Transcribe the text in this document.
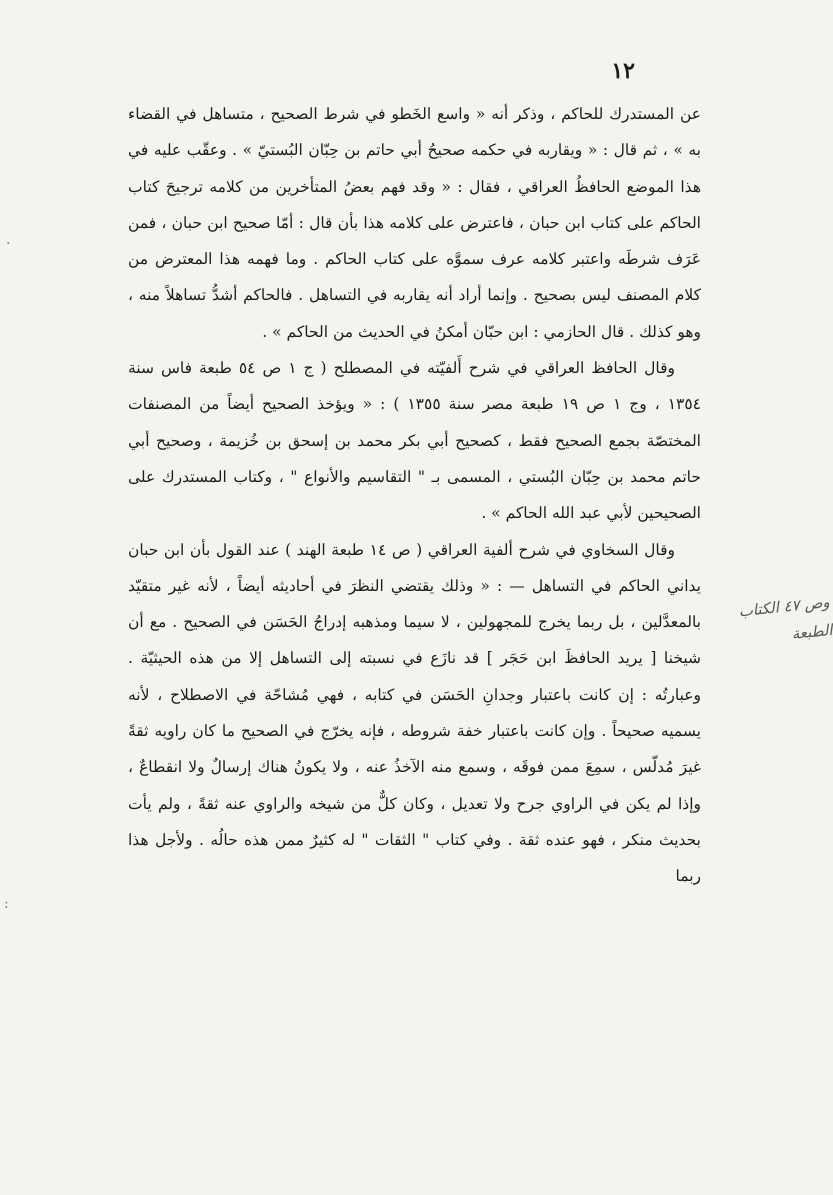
١٢

عن المستدرك للحاكم ، وذكر أنه « واسع الخَطو في شرط الصحيح ، متساهل في القضاء به » ، ثم قال : « ويقاربه في حكمه صحيحُ أبي حاتم بن حِبّان البُستيّ » . وعقّب عليه في هذا الموضع الحافظُ العراقي ، فقال : « وقد فهم بعضُ المتأخرين من كلامه ترجيحَ كتاب الحاكم على كتاب ابن حبان ، فاعترض على كلامه هذا بأن قال : أمّا صحيح ابن حبان ، فمن عَرَف شرطَه واعتبر كلامه عرف سموَّه على كتاب الحاكم . وما فهمه هذا المعترض من كلام المصنف ليس بصحيح . وإنما أراد أنه يقاربه في التساهل . فالحاكم أشدُّ تساهلاً منه ، وهو كذلك . قال الحازمي : ابن حبّان أمكنُ في الحديث من الحاكم » .

وقال الحافظ العراقي في شرح أَلفيّته في المصطلح ( ج ١ ص ٥٤ طبعة فاس سنة ١٣٥٤ ، وج ١ ص ١٩ طبعة مصر سنة ١٣٥٥ ) : « ويؤخذ الصحيح أيضاً من المصنفات المختصّة بجمع الصحيح فقط ، كصحيح أبي بكر محمد بن إسحق بن خُزيمة ، وصحيح أبي حاتم محمد بن حِبّان البُستي ، المسمى بـ " التقاسيم والأنواع " ، وكتاب المستدرك على الصحيحين لأبي عبد الله الحاكم » .

وقال السخاوي في شرح ألفية العراقي ( ص ١٤ طبعة الهند ) عند القول بأن ابن حبان يداني الحاكم في التساهل — : « وذلك يقتضي النظرَ في أحاديثه أيضاً ، لأنه غير متقيّد بالمعدَّلين ، بل ربما يخرج للمجهولين ، لا سيما ومذهبه إدراجُ الحَسَن في الصحيح . مع أن شيخنا [ يريد الحافظَ ابن حَجَر ] قد نازَع في نسبته إلى التساهل إلا من هذه الحيثيّة . وعبارتُه : إن كانت باعتبار وجدانِ الحَسَن في كتابه ، فهي مُشاحّة في الاصطلاح ، لأنه يسميه صحيحاً . وإن كانت باعتبار خفة شروطه ، فإنه يخرّج في الصحيح ما كان راويه ثقةً غيرَ مُدلّس ، سمِعَ ممن فوقَه ، وسمع منه الآخذُ عنه ، ولا يكونُ هناك إرسالٌ ولا انقطاعٌ ، وإذا لم يكن في الراوي جرح ولا تعديل ، وكان كلٌّ من شيخه والراوي عنه ثقةً ، ولم يأت بحديث منكر ، فهو عنده ثقة . وفي كتاب " الثقات " له كثيرٌ ممن هذه حالُه . ولأجل هذا ربما

وص ٤٧ الكتاب
الطبعة
·
:
